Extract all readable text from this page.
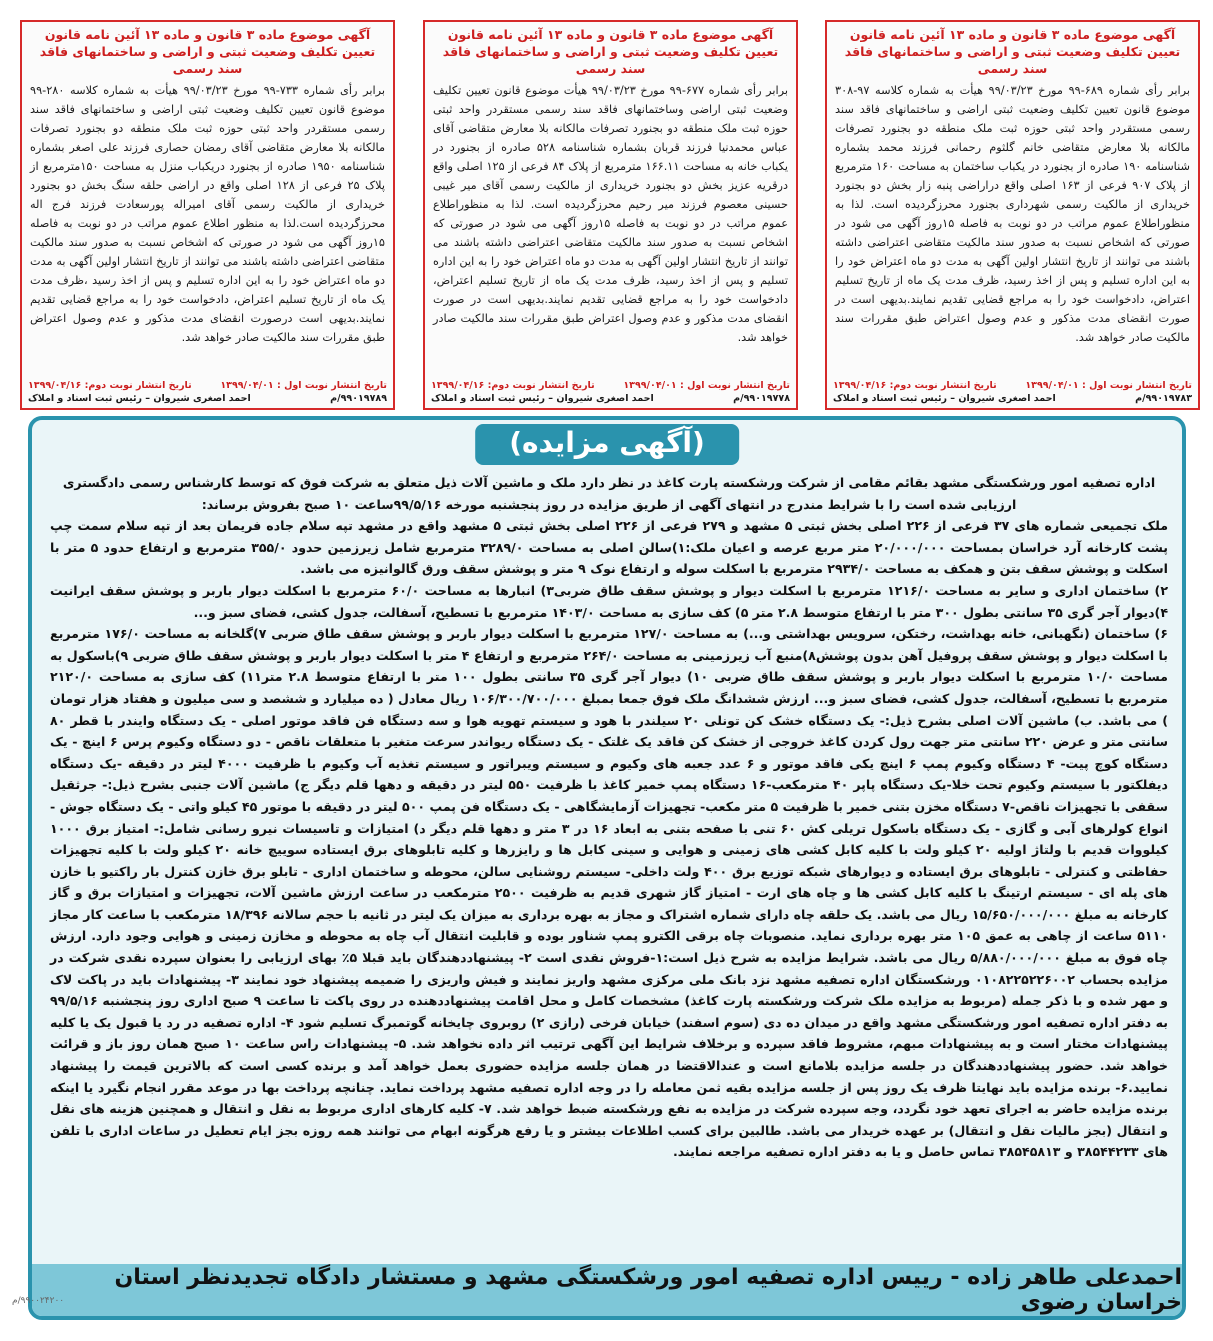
آگهی موضوع ماده ۳ قانون و ماده ۱۳ آئین نامه قانون تعیین تکلیف وضعیت ثبتی و اراضی و ساختمانهای فاقد سند رسمی
برابر رأی شماره ۶۸۹-۹۹ مورخ ۹۹/۰۳/۲۳ هیأت به شماره کلاسه ۹۷-۳۰۸ موضوع قانون تعیین تکلیف وضعیت ثبتی اراضی و ساختمانهای فاقد سند رسمی مستقردر واحد ثبتی حوزه ثبت ملک منطقه دو بجنورد تصرفات مالکانه بلا معارض متقاضی خانم گلثوم رحمانی فرزند محمد بشماره شناسنامه ۱۹۰ صادره از بجنورد در یکباب ساختمان به مساحت ۱۶۰ مترمربع از پلاک ۹۰۷ فرعی از ۱۶۳ اصلی واقع دراراضی پنبه زار بخش دو بجنورد خریداری از مالکیت رسمی شهرداری بجنورد محرزگردیده است. لذا به منظوراطلاع عموم مراتب در دو نوبت به فاصله ۱۵روز آگهی می شود در صورتی که اشخاص نسبت به صدور سند مالکیت متقاضی اعتراضی داشته باشند می توانند از تاریخ انتشار اولین آگهی به مدت دو ماه اعتراض خود را به این اداره تسلیم و پس از اخذ رسید، ظرف مدت یک ماه از تاریخ تسلیم اعتراض، دادخواست خود را به مراجع قضایی تقدیم نمایند.بدیهی است در صورت انقضای مدت مذکور و عدم وصول اعتراض طبق مقررات سند مالکیت صادر خواهد شد.
تاریخ انتشار نوبت اول : ۱۳۹۹/۰۴/۰۱
تاریخ انتشار نوبت دوم: ۱۳۹۹/۰۴/۱۶
۹۹۰۱۹۷۸۳/م
احمد اصغری شیروان – رئیس ثبت اسناد و املاک
آگهی موضوع ماده ۳ قانون و ماده ۱۳ آئین نامه قانون تعیین تکلیف وضعیت ثبتی و اراضی و ساختمانهای فاقد سند رسمی
برابر رأی شماره ۶۷۷-۹۹ مورخ ۹۹/۰۳/۲۳ هیأت موضوع قانون تعیین تکلیف وضعیت ثبتی اراضی وساختمانهای فاقد سند رسمی مستقردر واحد ثبتی حوزه ثبت ملک منطقه دو بجنورد تصرفات مالکانه بلا معارض متقاضی آقای عباس محمدنیا فرزند قربان بشماره شناسنامه ۵۲۸ صادره از بجنورد در یکباب خانه به مساحت ۱۶۶.۱۱ مترمربع از پلاک ۸۴ فرعی از ۱۲۵ اصلی واقع درقریه عزیز بخش دو بجنورد خریداری از مالکیت رسمی آقای میر غیبی حسینی معصوم فرزند میر رحیم محرزگردیده است. لذا به منظوراطلاع عموم مراتب در دو نوبت به فاصله ۱۵روز آگهی می شود در صورتی که اشخاص نسبت به صدور سند مالکیت متقاضی اعتراضی داشته باشند می توانند از تاریخ انتشار اولین آگهی به مدت دو ماه اعتراض خود را به این اداره تسلیم و پس از اخذ رسید، ظرف مدت یک ماه از تاریخ تسلیم اعتراض، دادخواست خود را به مراجع قضایی تقدیم نمایند.بدیهی است در صورت انقضای مدت مذکور و عدم وصول اعتراض طبق مقررات سند مالکیت صادر خواهد شد.
تاریخ انتشار نوبت اول : ۱۳۹۹/۰۴/۰۱
تاریخ انتشار نوبت دوم: ۱۳۹۹/۰۴/۱۶
۹۹۰۱۹۷۷۸/م
احمد اصغری شیروان – رئیس ثبت اسناد و املاک
آگهی موضوع ماده ۳ قانون و ماده ۱۳ آئین نامه قانون تعیین تکلیف وضعیت ثبتی و اراضی و ساختمانهای فاقد سند رسمی
برابر رأی شماره ۷۳۳-۹۹ مورخ ۹۹/۰۳/۲۳ هیأت به شماره کلاسه ۲۸۰-۹۹ موضوع قانون تعیین تکلیف وضعیت ثبتی اراضی و ساختمانهای فاقد سند رسمی مستقردر واحد ثبتی حوزه ثبت ملک منطقه دو بجنورد تصرفات مالکانه بلا معارض متقاضی آقای رمضان حصاری فرزند علی اصغر بشماره شناسنامه ۱۹۵۰ صادره از بجنورد دریکباب منزل به مساحت ۱۵۰مترمربع از پلاک ۲۵ فرعی از ۱۲۸ اصلی واقع در اراضی حلقه سنگ بخش دو بجنورد خریداری از مالکیت رسمی آقای امیراله پورسعادت فرزند فرج اله محرزگردیده است.لذا به منظور اطلاع عموم مراتب در دو نوبت به فاصله ۱۵روز آگهی می شود در صورتی که اشخاص نسبت به صدور سند مالکیت متقاضی اعتراضی داشته باشند می توانند از تاریخ انتشار اولین آگهی به مدت دو ماه اعتراض خود را به این اداره تسلیم و پس از اخذ رسید ،ظرف مدت یک ماه از تاریخ تسلیم اعتراض، دادخواست خود را به مراجع قضایی تقدیم نمایند.بدیهی است درصورت انقضای مدت مذکور و عدم وصول اعتراض طبق مقررات سند مالکیت صادر خواهد شد.
تاریخ انتشار نوبت اول : ۱۳۹۹/۰۴/۰۱
تاریخ انتشار نوبت دوم: ۱۳۹۹/۰۴/۱۶
۹۹۰۱۹۷۸۹/م
احمد اصغری شیروان – رئیس ثبت اسناد و املاک
(آگهی مزایده)

اداره تصفیه امور ورشکستگی مشهد بقائم مقامی از شرکت ورشکسته پارت کاغذ در نظر دارد ملک و ماشین آلات ذیل متعلق به شرکت فوق که توسط کارشناس رسمی دادگستری ارزیابی شده است را با شرایط مندرج در انتهای آگهی از طریق مزایده در روز پنجشنبه مورخه ۹۹/۵/۱۶ساعت ۱۰ صبح بفروش برساند:

ملک تجمیعی شماره های ۳۷ فرعی از ۲۲۶ اصلی بخش ثبتی ۵ مشهد و ۲۷۹ فرعی از ۲۲۶ اصلی بخش ثبتی ۵ مشهد واقع در مشهد تپه سلام جاده فریمان بعد از تپه سلام سمت چپ پشت کارخانه آرد خراسان بمساحت ۲۰/۰۰۰/۰۰۰ متر مربع عرصه و اعیان ملک:۱)سالن اصلی به مساحت ۳۲۸۹/۰ مترمربع شامل زیرزمین حدود ۳۵۵/۰ مترمربع و ارتفاع حدود ۵ متر با اسکلت و پوشش سقف بتن و همکف به مساحت ۲۹۳۴/۰ مترمربع با اسکلت سوله و ارتفاع نوک ۹ متر و پوشش سقف ورق گالوانیزه می باشد.

۲) ساختمان اداری و سایر به مساحت ۱۲۱۶/۰ مترمربع با اسکلت دیوار و پوشش سقف طاق ضربی۳) انبارها به مساحت ۶۰/۰ مترمربع با اسکلت دیوار باربر و پوشش سقف ایرانیت ۴)دیوار آجر گری ۳۵ سانتی بطول ۳۰۰ متر با ارتفاع متوسط ۲.۸ متر ۵) کف سازی به مساحت ۱۴۰۳/۰ مترمربع با تسطیح، آسفالت، جدول کشی، فضای سبز و...

۶) ساختمان (نگهبانی، خانه بهداشت، رختکن، سرویس بهداشتی و...) به مساحت ۱۲۷/۰ مترمربع با اسکلت دیوار باربر و پوشش سقف طاق ضربی ۷)گلخانه به مساحت ۱۷۶/۰ مترمربع با اسکلت دیوار و پوشش سقف پروفیل آهن بدون پوشش۸)منبع آب زیرزمینی به مساحت ۲۶۴/۰ مترمربع و ارتفاع ۴ متر با اسکلت دیوار باربر و پوشش سقف طاق ضربی ۹)باسکول به مساحت ۱۰/۰ مترمربع با اسکلت دیوار باربر و پوشش سقف طاق ضربی ۱۰) دیوار آجر گری ۳۵ سانتی بطول ۱۰۰ متر با ارتفاع متوسط ۲.۸ متر۱۱) کف سازی به مساحت ۲۱۲۰/۰ مترمربع با تسطیح، آسفالت، جدول کشی، فضای سبز و... ارزش ششدانگ ملک فوق جمعا بمبلغ ۱۰۶/۳۰۰/۷۰۰/۰۰۰ ریال معادل ( ده میلیارد و ششصد و سی میلیون و هفتاد هزار تومان ) می باشد. ب) ماشین آلات اصلی بشرح ذیل:- یک دستگاه خشک کن تونلی ۲۰ سیلندر با هود و سیستم تهویه هوا و سه دستگاه فن فاقد موتور اصلی - یک دستگاه وایندر با قطر ۸۰ سانتی متر و عرض ۲۲۰ سانتی متر جهت رول کردن کاغذ خروجی از خشک کن فاقد یک غلتک - یک دستگاه ریواندر سرعت متغیر با متعلقات ناقص - دو دستگاه وکیوم پرس ۶ اینچ - یک دستگاه کوچ پیت- ۴ دستگاه وکیوم پمپ ۶ اینچ یکی فاقد موتور و ۶ عدد جعبه های وکیوم و سیستم ویبراتور و سیستم تغذیه آب وکیوم با ظرفیت ۴۰۰۰ لیتر در دقیقه -یک دستگاه دیفلکتور با سیستم وکیوم تحت خلا-یک دستگاه پاپر ۴۰ مترمکعب-۱۶ دستگاه پمپ خمیر کاغذ با ظرفیت ۵۵۰ لیتر در دقیقه و دهها قلم دیگر ج) ماشین آلات جنبی بشرح ذیل:- جرثقیل سقفی با تجهیزات ناقص-۷ دستگاه مخزن بتنی خمیر با ظرفیت ۵ متر مکعب- تجهیزات آزمایشگاهی - یک دستگاه فن پمپ ۵۰۰ لیتر در دقیقه با موتور ۴۵ کیلو واتی - یک دستگاه جوش - انواع کولرهای آبی و گازی - یک دستگاه باسکول تریلی کش ۶۰ تنی با صفحه بتنی به ابعاد ۱۶ در ۳ متر و دهها قلم دیگر د) امتیازات و تاسیسات نیرو رسانی شامل:- امتیاز برق ۱۰۰۰ کیلووات قدیم با ولتاژ اولیه ۲۰ کیلو ولت با کلیه کابل کشی های زمینی و هوایی و سینی کابل ها و رایزرها و کلیه تابلوهای برق ایستاده سوییچ خانه ۲۰ کیلو ولت با کلیه تجهیزات حفاظتی و کنترلی - تابلوهای برق ایستاده و دیوارهای شبکه توزیع برق ۴۰۰ ولت داخلی- سیستم روشنایی سالن، محوطه و ساختمان اداری - تابلو برق خازن کنترل بار راکتیو با خازن های پله ای - سیستم ارتینگ با کلیه کابل کشی ها و چاه های ارت - امتیاز گاز شهری قدیم به ظرفیت ۲۵۰۰ مترمکعب در ساعت ارزش ماشین آلات، تجهیزات و امتیازات برق و گاز کارخانه به مبلغ ۱۵/۶۵۰/۰۰۰/۰۰۰ ریال می باشد. یک حلقه چاه دارای شماره اشتراک و مجاز به بهره برداری به میزان یک لیتر در ثانیه با حجم سالانه ۱۸/۳۹۶ مترمکعب با ساعت کار مجاز ۵۱۱۰ ساعت از چاهی به عمق ۱۰۵ متر بهره برداری نماید. منصوبات چاه برقی الکترو پمپ شناور بوده و قابلیت انتقال آب چاه به محوطه و مخازن زمینی و هوایی وجود دارد. ارزش چاه فوق به مبلغ ۵/۸۸۰/۰۰۰/۰۰۰ ریال می باشد. شرایط مزایده به شرح ذیل است:۱-فروش نقدی است ۲- پیشنهاددهندگان باید قبلا ۵٪ بهای ارزیابی را بعنوان سپرده نقدی شرکت در مزایده بحساب ۰۱۰۸۲۲۵۲۲۶۰۰۲ ورشکستگان اداره تصفیه مشهد نزد بانک ملی مرکزی مشهد واریز نمایند و فیش واریزی را ضمیمه پیشنهاد خود نمایند ۳- پیشنهادات باید در پاکت لاک و مهر شده و با ذکر جمله (مربوط به مزایده ملک شرکت ورشکسته پارت کاغذ) مشخصات کامل و محل اقامت پیشنهاددهنده در روی پاکت تا ساعت ۹ صبح اداری روز پنجشنبه ۹۹/۵/۱۶ به دفتر اداره تصفیه امور ورشکستگی مشهد واقع در میدان ده دی (سوم اسفند) خیابان فرخی (رازی ۲) روبروی چایخانه گوتمبرگ تسلیم شود ۴- اداره تصفیه در رد یا قبول یک یا کلیه پیشنهادات مختار است و به پیشنهادات مبهم، مشروط فاقد سپرده و برخلاف شرایط این آگهی ترتیب اثر داده نخواهد شد. ۵- پیشنهادات راس ساعت ۱۰ صبح همان روز باز و قرائت خواهد شد. حضور پیشنهاددهندگان در جلسه مزایده بلامانع است و عندالاقتضا در همان جلسه مزایده حضوری بعمل خواهد آمد و برنده کسی است که بالاترین قیمت را پیشنهاد نمایید.۶- برنده مزایده باید نهایتا ظرف یک روز پس از جلسه مزایده بقیه ثمن معامله را در وجه اداره تصفیه مشهد پرداخت نماید. چنانچه پرداخت بها در موعد مقرر انجام نگیرد یا اینکه برنده مزایده حاضر به اجرای تعهد خود نگردد، وجه سپرده شرکت در مزایده به نفع ورشکسته ضبط خواهد شد. ۷- کلیه کارهای اداری مربوط به نقل و انتقال و همچنین هزینه های نقل و انتقال (بجز مالیات نقل و انتقال) بر عهده خریدار می باشد. طالبین برای کسب اطلاعات بیشتر و یا رفع هرگونه ابهام می توانند همه روزه بجز ایام تعطیل در ساعات اداری با تلفن های ۳۸۵۴۴۲۳۳ و ۳۸۵۴۵۸۱۳ تماس حاصل و یا به دفتر اداره تصفیه مراجعه نمایند.

احمدعلی طاهر زاده - رییس اداره تصفیه امور ورشکستگی مشهد و مستشار دادگاه تجدیدنظر استان خراسان رضوی
۹۹۰۰۲۴۲۰۰/م
